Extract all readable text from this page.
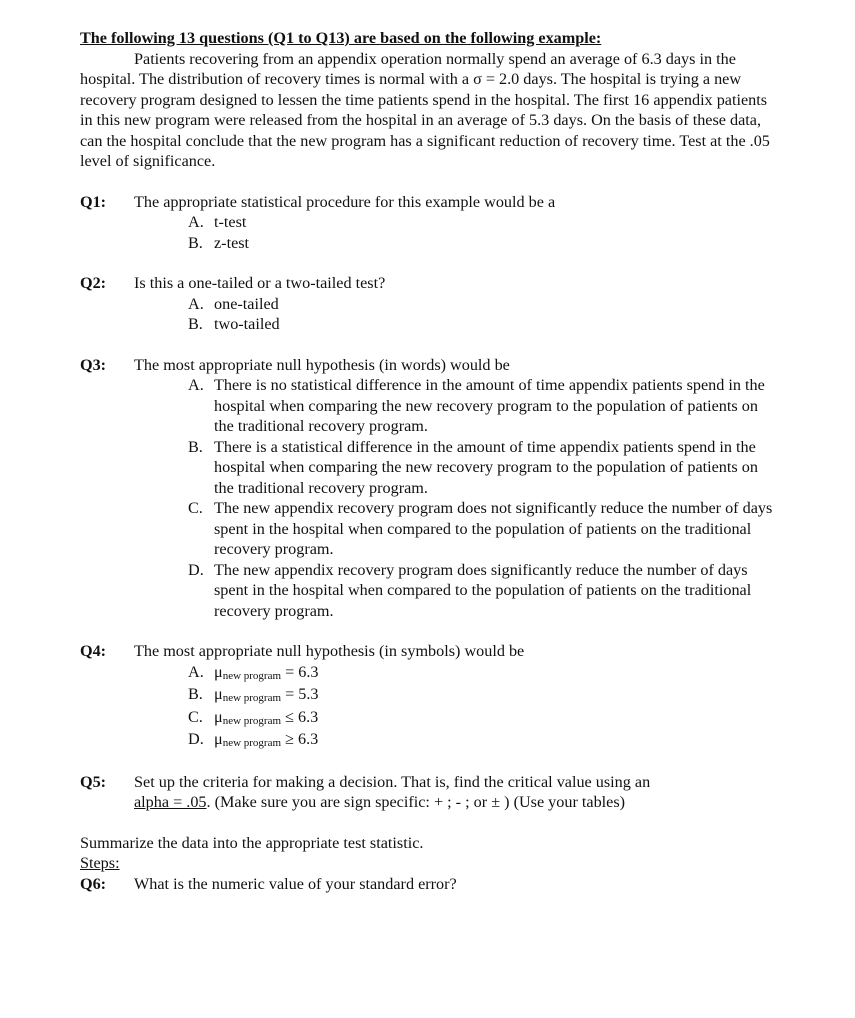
The following 13 questions (Q1 to Q13) are based on the following example:

Patients recovering from an appendix operation normally spend an average of 6.3 days in the hospital. The distribution of recovery times is normal with a σ = 2.0 days. The hospital is trying a new recovery program designed to lessen the time patients spend in the hospital. The first 16 appendix patients in this new program were released from the hospital in an average of 5.3 days. On the basis of these data, can the hospital conclude that the new program has a significant reduction of recovery time. Test at the .05 level of significance.

Q1: The appropriate statistical procedure for this example would be a
A. t-test
B. z-test
Q2: Is this a one-tailed or a two-tailed test?
A. one-tailed
B. two-tailed
Q3: The most appropriate null hypothesis (in words) would be
A. There is no statistical difference in the amount of time appendix patients spend in the hospital when comparing the new recovery program to the population of patients on the traditional recovery program.
B. There is a statistical difference in the amount of time appendix patients spend in the hospital when comparing the new recovery program to the population of patients on the traditional recovery program.
C. The new appendix recovery program does not significantly reduce the number of days spent in the hospital when compared to the population of patients on the traditional recovery program.
D. The new appendix recovery program does significantly reduce the number of days spent in the hospital when compared to the population of patients on the traditional recovery program.
Q4: The most appropriate null hypothesis (in symbols) would be
A. μnew program = 6.3
B. μnew program = 5.3
C. μnew program ≤ 6.3
D. μnew program ≥ 6.3
Q5: Set up the criteria for making a decision. That is, find the critical value using an
alpha = .05. (Make sure you are sign specific: + ; - ; or ± ) (Use your tables)
Summarize the data into the appropriate test statistic.
Steps:
Q6: What is the numeric value of your standard error?
